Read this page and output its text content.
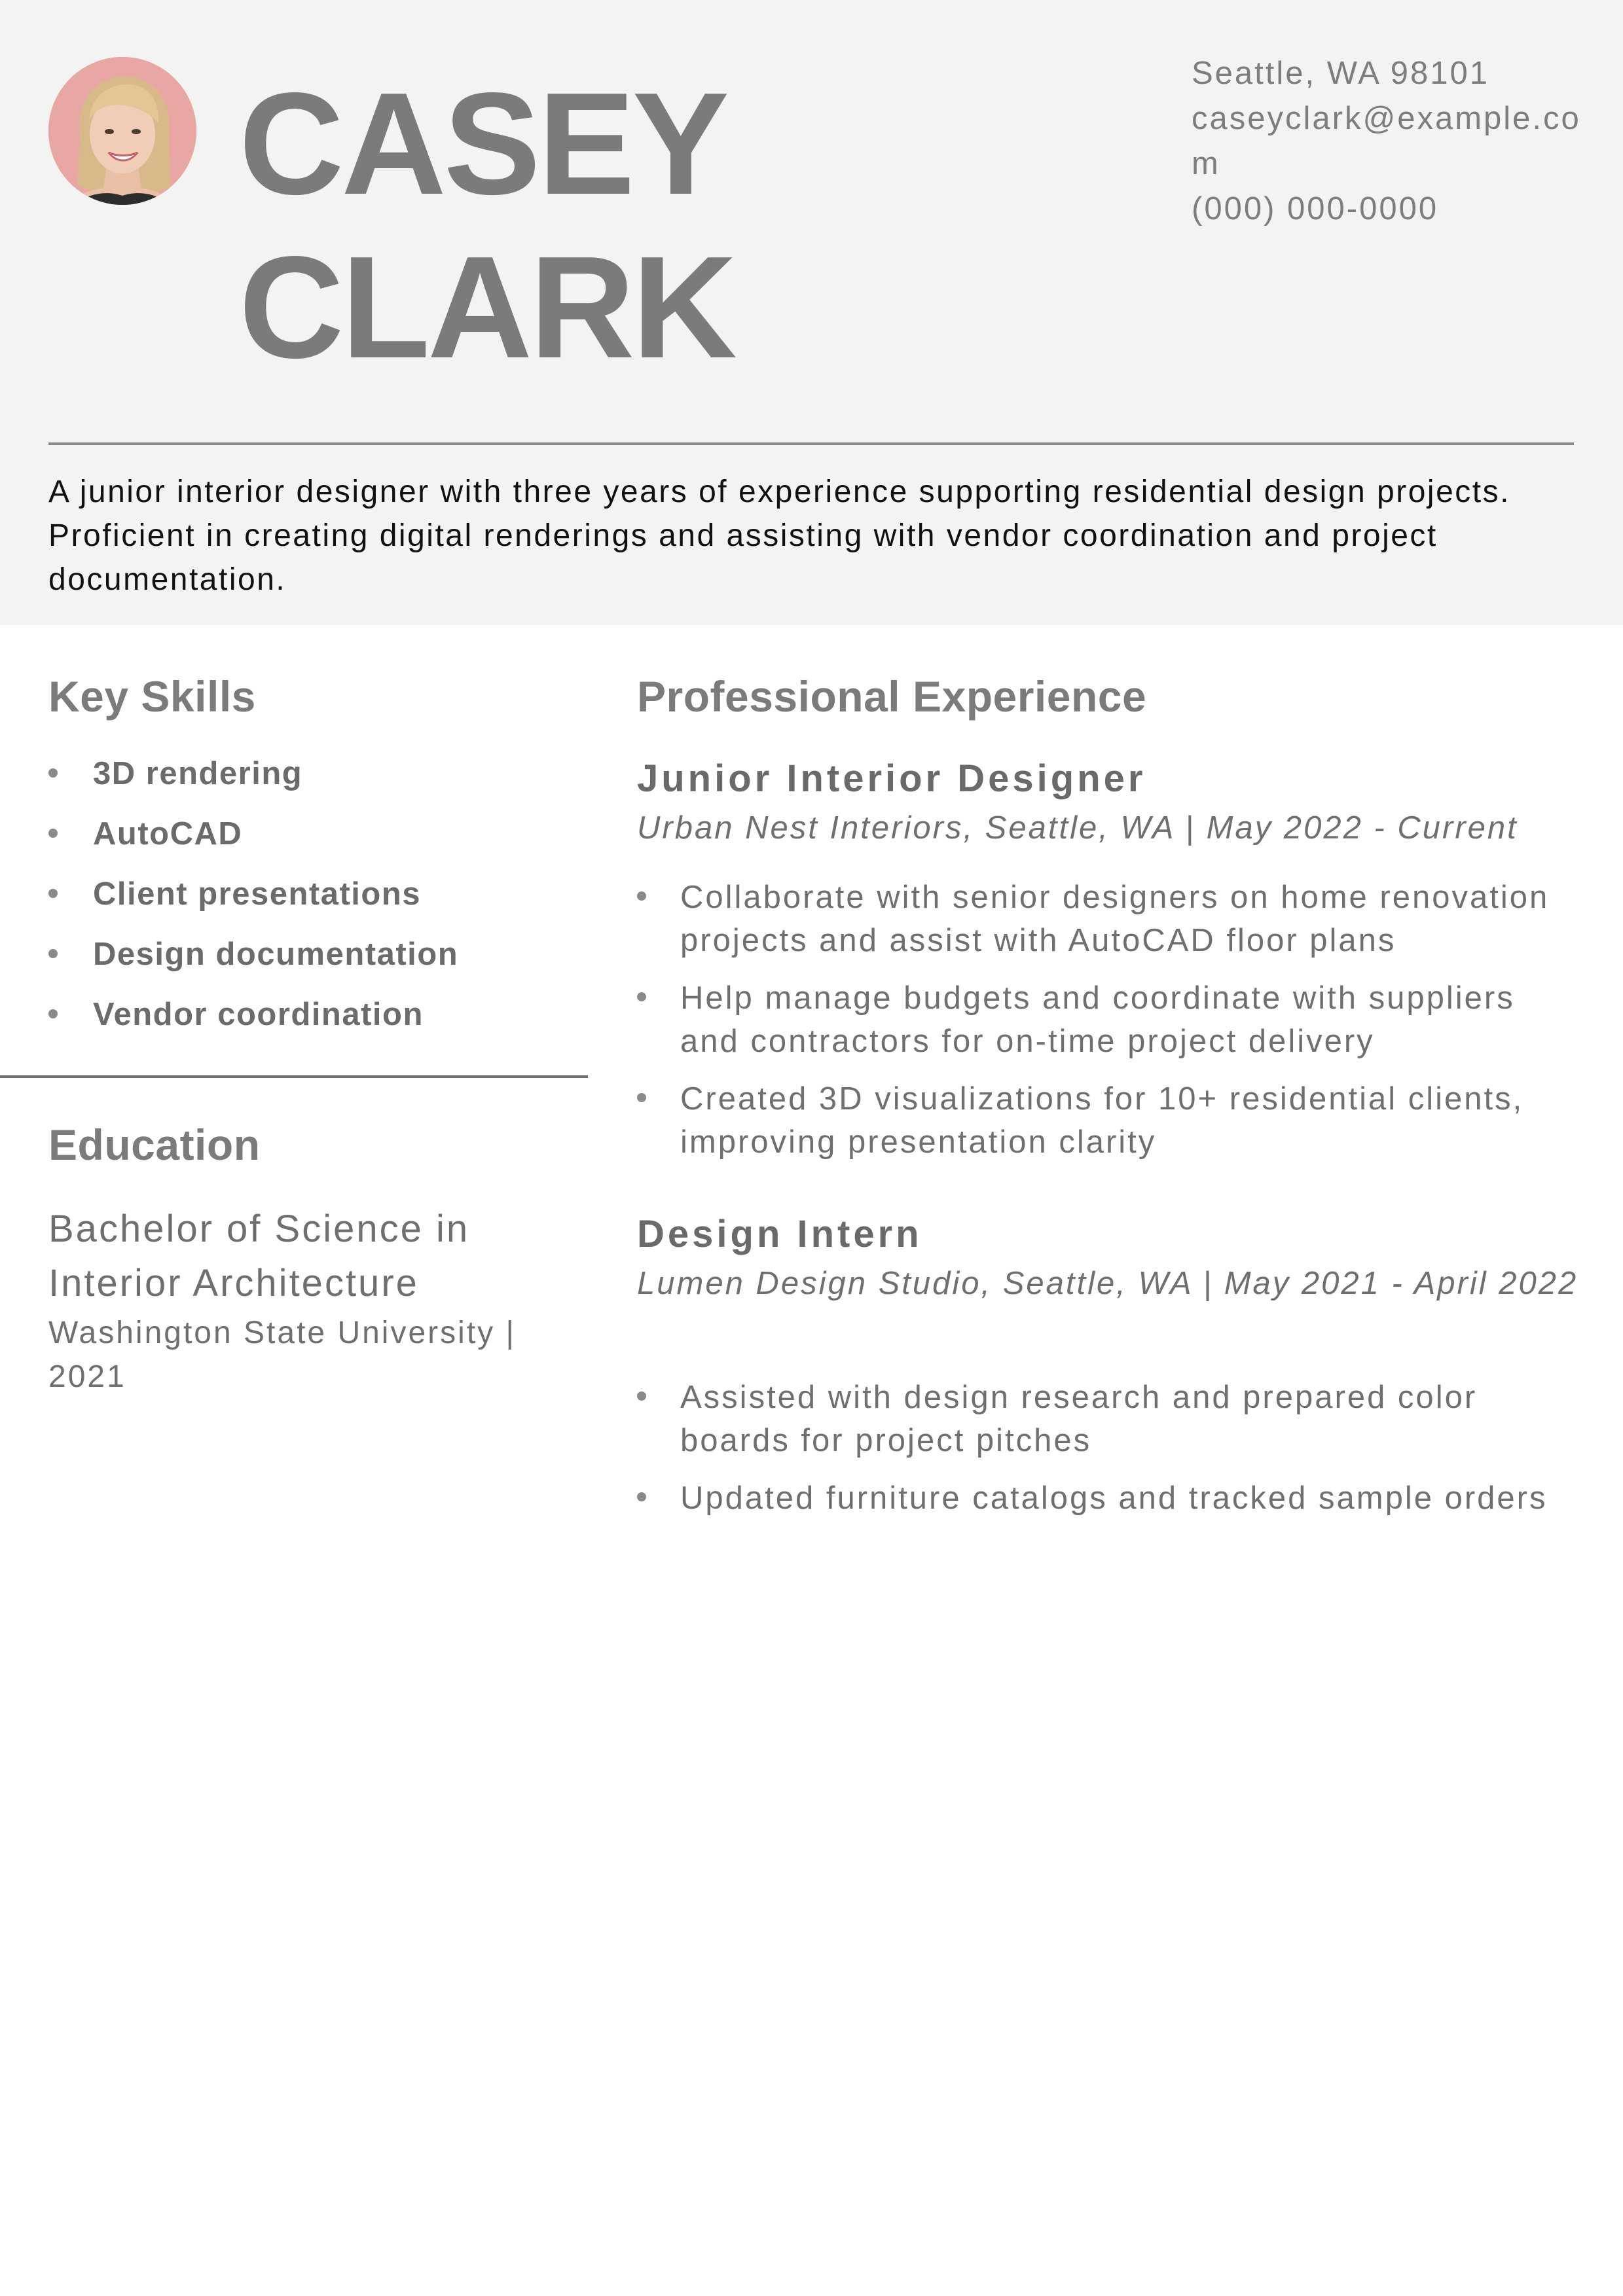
CASEY
CLARK
Seattle, WA 98101
caseyclark@example.com
(000) 000-0000

A junior interior designer with three years of experience supporting residential design projects. Proficient in creating digital renderings and assisting with vendor coordination and project documentation.

Key Skills
3D rendering
AutoCAD
Client presentations
Design documentation
Vendor coordination
Education
Bachelor of Science in Interior Architecture
Washington State University | 2021
Professional Experience
Junior Interior Designer
Urban Nest Interiors, Seattle, WA | May 2022 - Current
Collaborate with senior designers on home renovation projects and assist with AutoCAD floor plans
Help manage budgets and coordinate with suppliers and contractors for on-time project delivery
Created 3D visualizations for 10+ residential clients, improving presentation clarity
Design Intern
Lumen Design Studio, Seattle, WA | May 2021 - April 2022
Assisted with design research and prepared color boards for project pitches
Updated furniture catalogs and tracked sample orders
